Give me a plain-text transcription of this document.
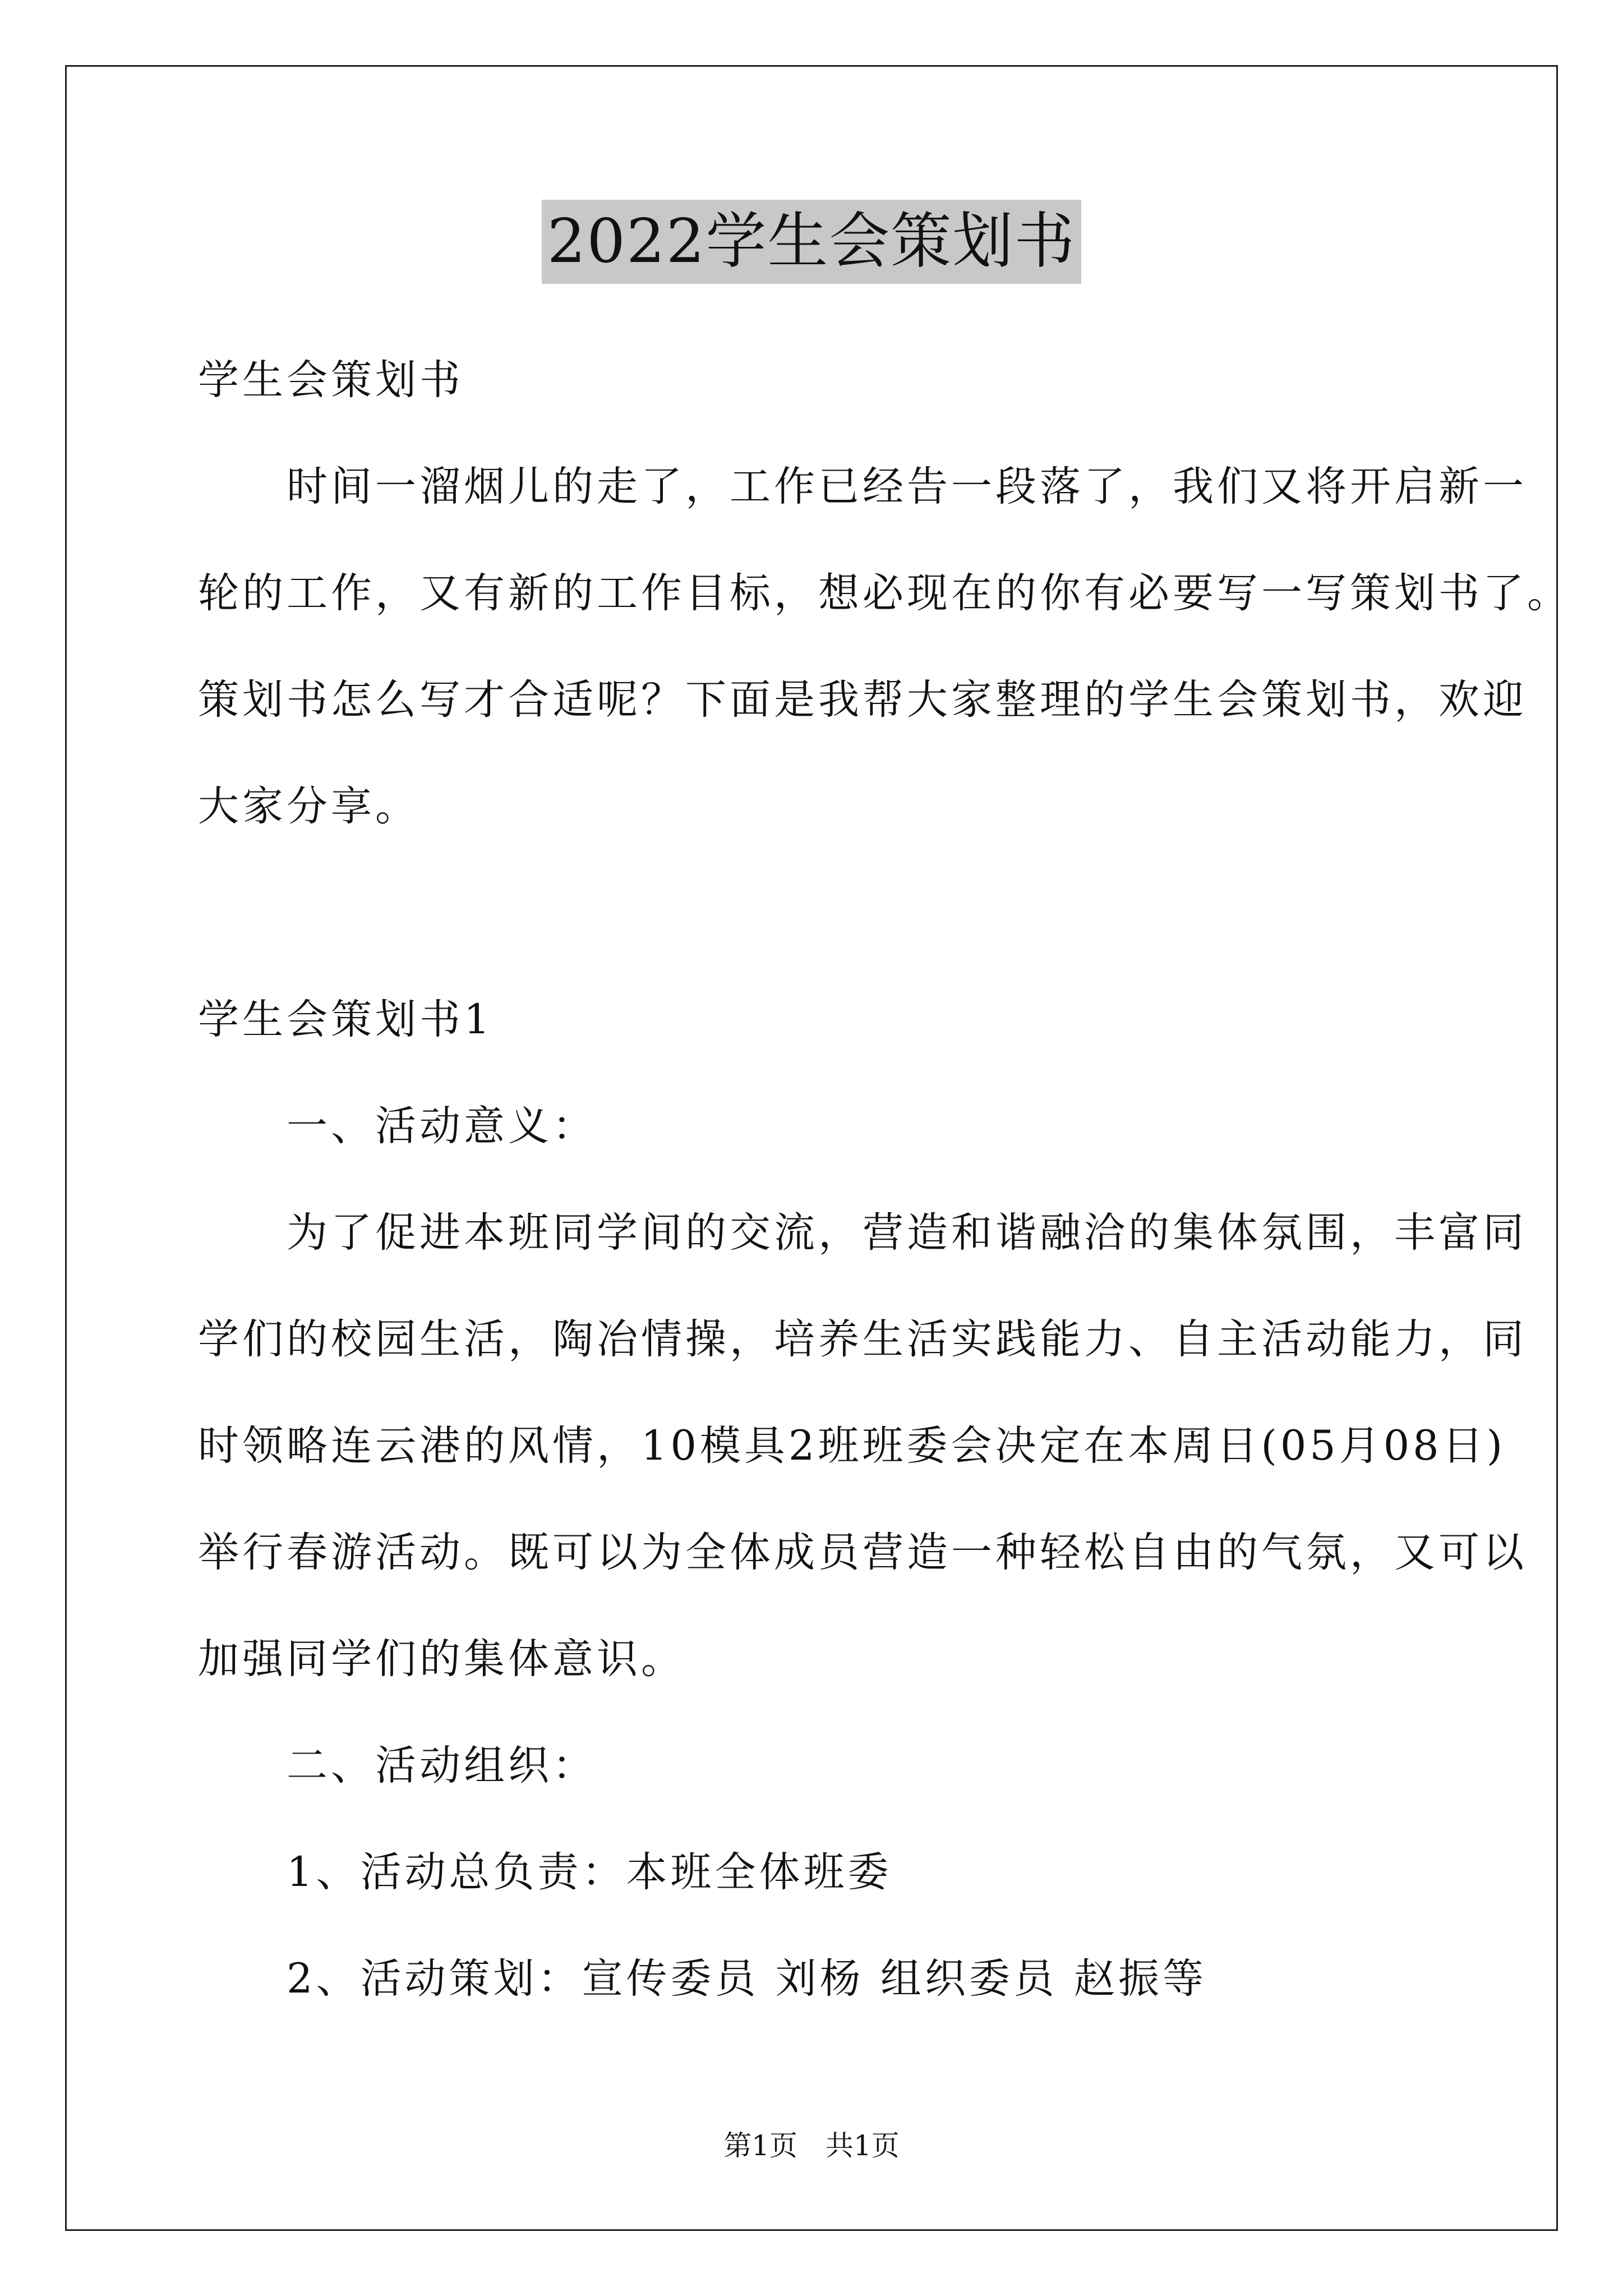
2022学生会策划书
学生会策划书
　　时间一溜烟儿的走了，工作已经告一段落了，我们又将开启新一
轮的工作，又有新的工作目标，想必现在的你有必要写一写策划书了。
策划书怎么写才合适呢？下面是我帮大家整理的学生会策划书，欢迎
大家分享。
学生会策划书1
　　一、活动意义：
　　为了促进本班同学间的交流，营造和谐融洽的集体氛围，丰富同
学们的校园生活，陶冶情操，培养生活实践能力、自主活动能力，同
时领略连云港的风情，10模具2班班委会决定在本周日(05月08日)
举行春游活动。既可以为全体成员营造一种轻松自由的气氛，又可以
加强同学们的集体意识。
　　二、活动组织：
　　1、活动总负责：本班全体班委
　　2、活动策划：宣传委员 刘杨 组织委员 赵振等
第1页　共1页
